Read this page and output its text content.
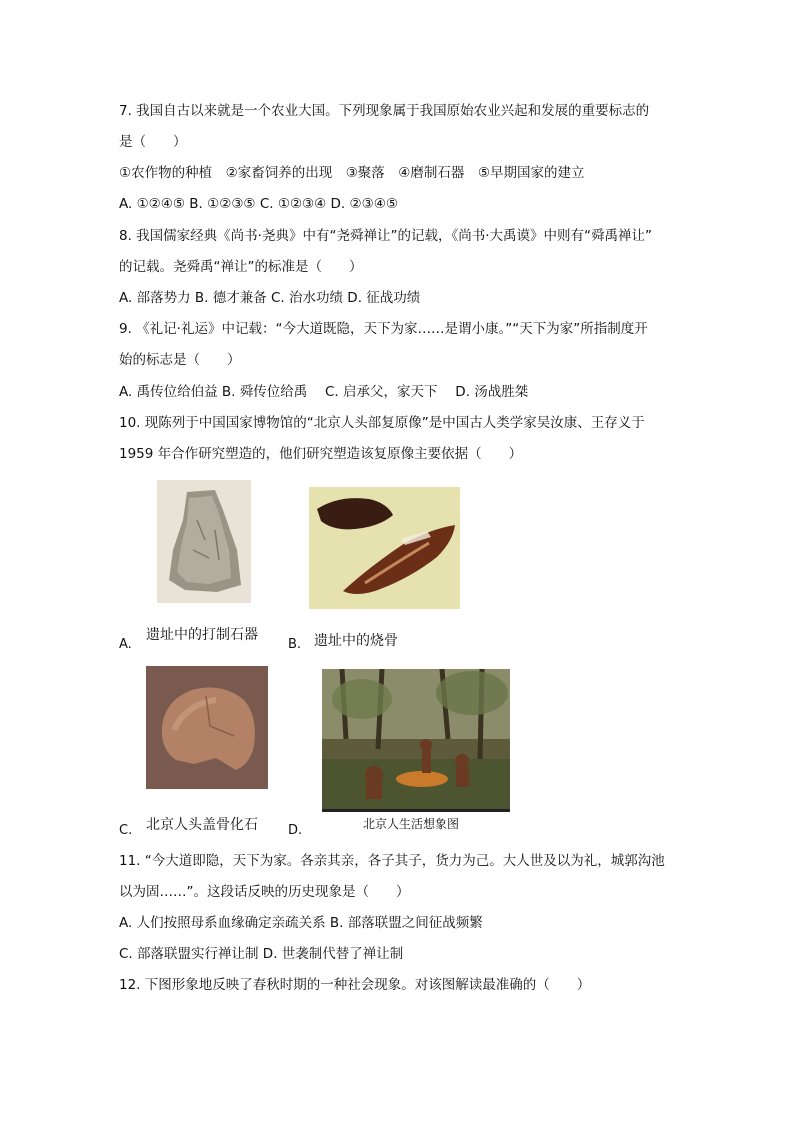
7. 我国自古以来就是一个农业大国。下列现象属于我国原始农业兴起和发展的重要标志的
是（　　）
①农作物的种植　②家畜饲养的出现　③聚落　④磨制石器　⑤早期国家的建立
A. ①②④⑤ B. ①②③⑤ C. ①②③④ D. ②③④⑤
8. 我国儒家经典《尚书·尧典》中有“尧舜禅让”的记载，《尚书·大禹谟》中则有“舜禹禅让”
的记载。尧舜禹“禅让”的标准是（　　）
A. 部落势力 B. 德才兼备 C. 治水功绩 D. 征战功绩
9. 《礼记·礼运》中记载：“今大道既隐，天下为家……是谓小康。”“天下为家”所指制度开
始的标志是（　　）
A. 禹传位给伯益 B. 舜传位给禹　 C. 启承父，家天下　 D. 汤战胜桀
10. 现陈列于中国国家博物馆的“北京人头部复原像”是中国古人类学家吴汝康、王存义于
1959 年合作研究塑造的，他们研究塑造该复原像主要依据（　　）
A.
遗址中的打制石器
B. 遗址中的烧骨
C. 北京人头盖骨化石 D.	北京人生活想象图
11. “今大道即隐，天下为家。各亲其亲，各子其子，货力为己。大人世及以为礼，城郭沟池
以为固……”。这段话反映的历史现象是（　　）
A. 人们按照母系血缘确定亲疏关系 B. 部落联盟之间征战频繁
C. 部落联盟实行禅让制 D. 世袭制代替了禅让制
12. 下图形象地反映了春秋时期的一种社会现象。对该图解读最准确的（　　）
